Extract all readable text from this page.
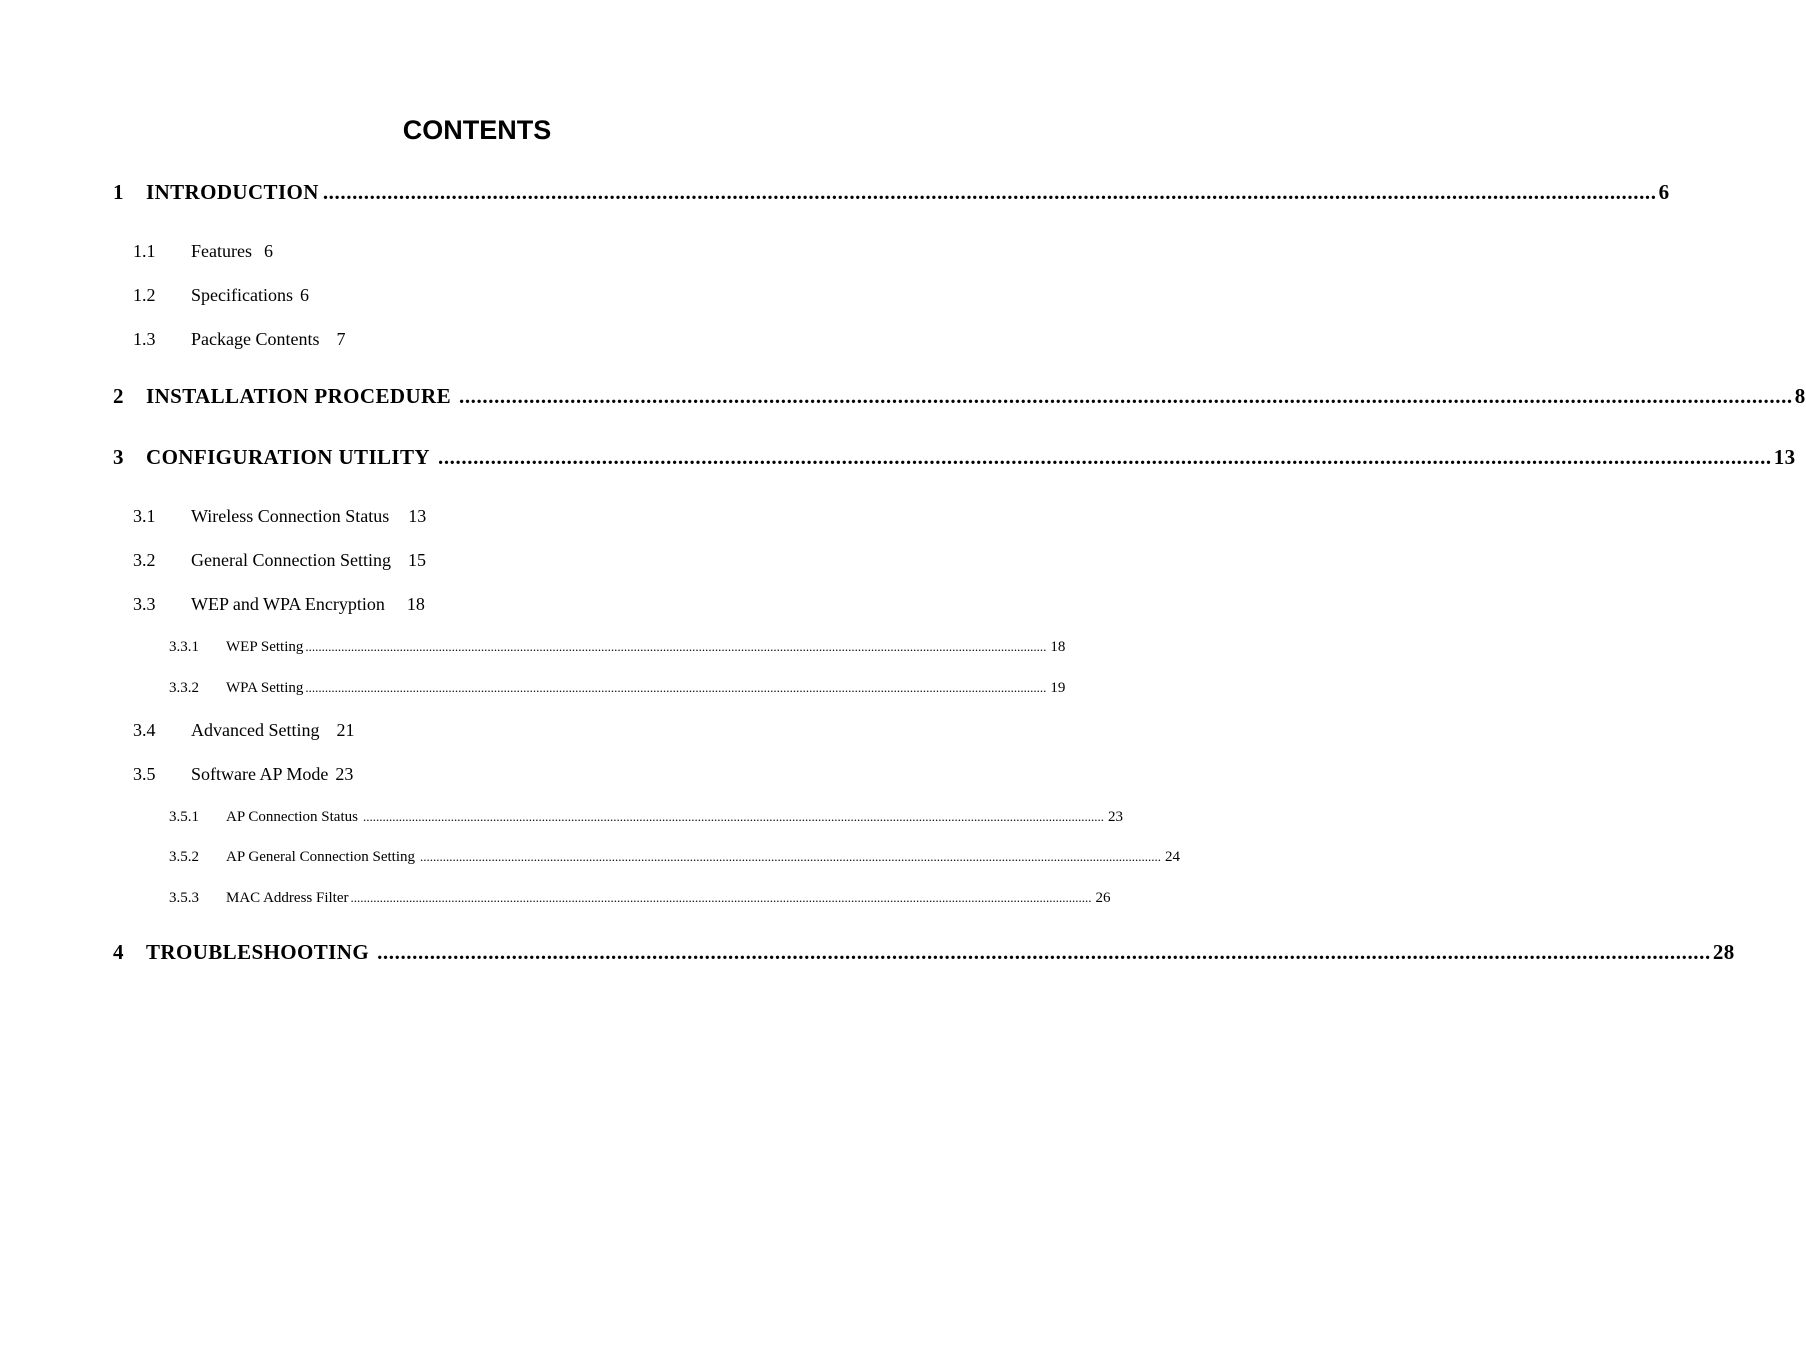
CONTENTS
1	INTRODUCTION .................................................................................................................................................................................................................................... 6
1.1	Features 6
1.2	Specifications 6
1.3	Package Contents 7
2	INSTALLATION PROCEDURE .................................................................................................................................................................................................................................... 8
3	CONFIGURATION UTILITY .................................................................................................................................................................................................................................... 13
3.1	Wireless Connection Status 13
3.2	General Connection Setting 15
3.3	WEP and WPA Encryption 18
3.3.1	WEP Setting .................................................................................................................................................................................................................................... 18
3.3.2	WPA Setting .................................................................................................................................................................................................................................... 19
3.4	Advanced Setting 21
3.5	Software AP Mode 23
3.5.1	AP Connection Status .................................................................................................................................................................................................................................... 23
3.5.2	AP General Connection Setting .................................................................................................................................................................................................................................... 24
3.5.3	MAC Address Filter .................................................................................................................................................................................................................................... 26
4	TROUBLESHOOTING .................................................................................................................................................................................................................................... 28
